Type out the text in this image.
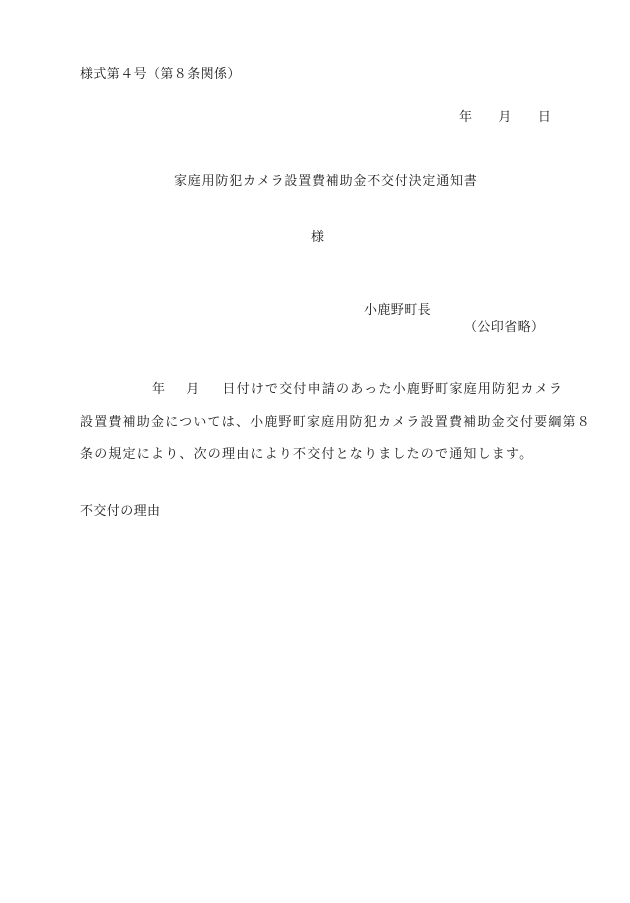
様式第４号（第８条関係）
年 月 日
家庭用防犯カメラ設置費補助金不交付決定通知書
様
小鹿野町長
（公印省略）
年 月 日付けで交付申請のあった小鹿野町家庭用防犯カメラ
設置費補助金については、小鹿野町家庭用防犯カメラ設置費補助金交付要綱第８
条の規定により、次の理由により不交付となりましたので通知します。
不交付の理由
